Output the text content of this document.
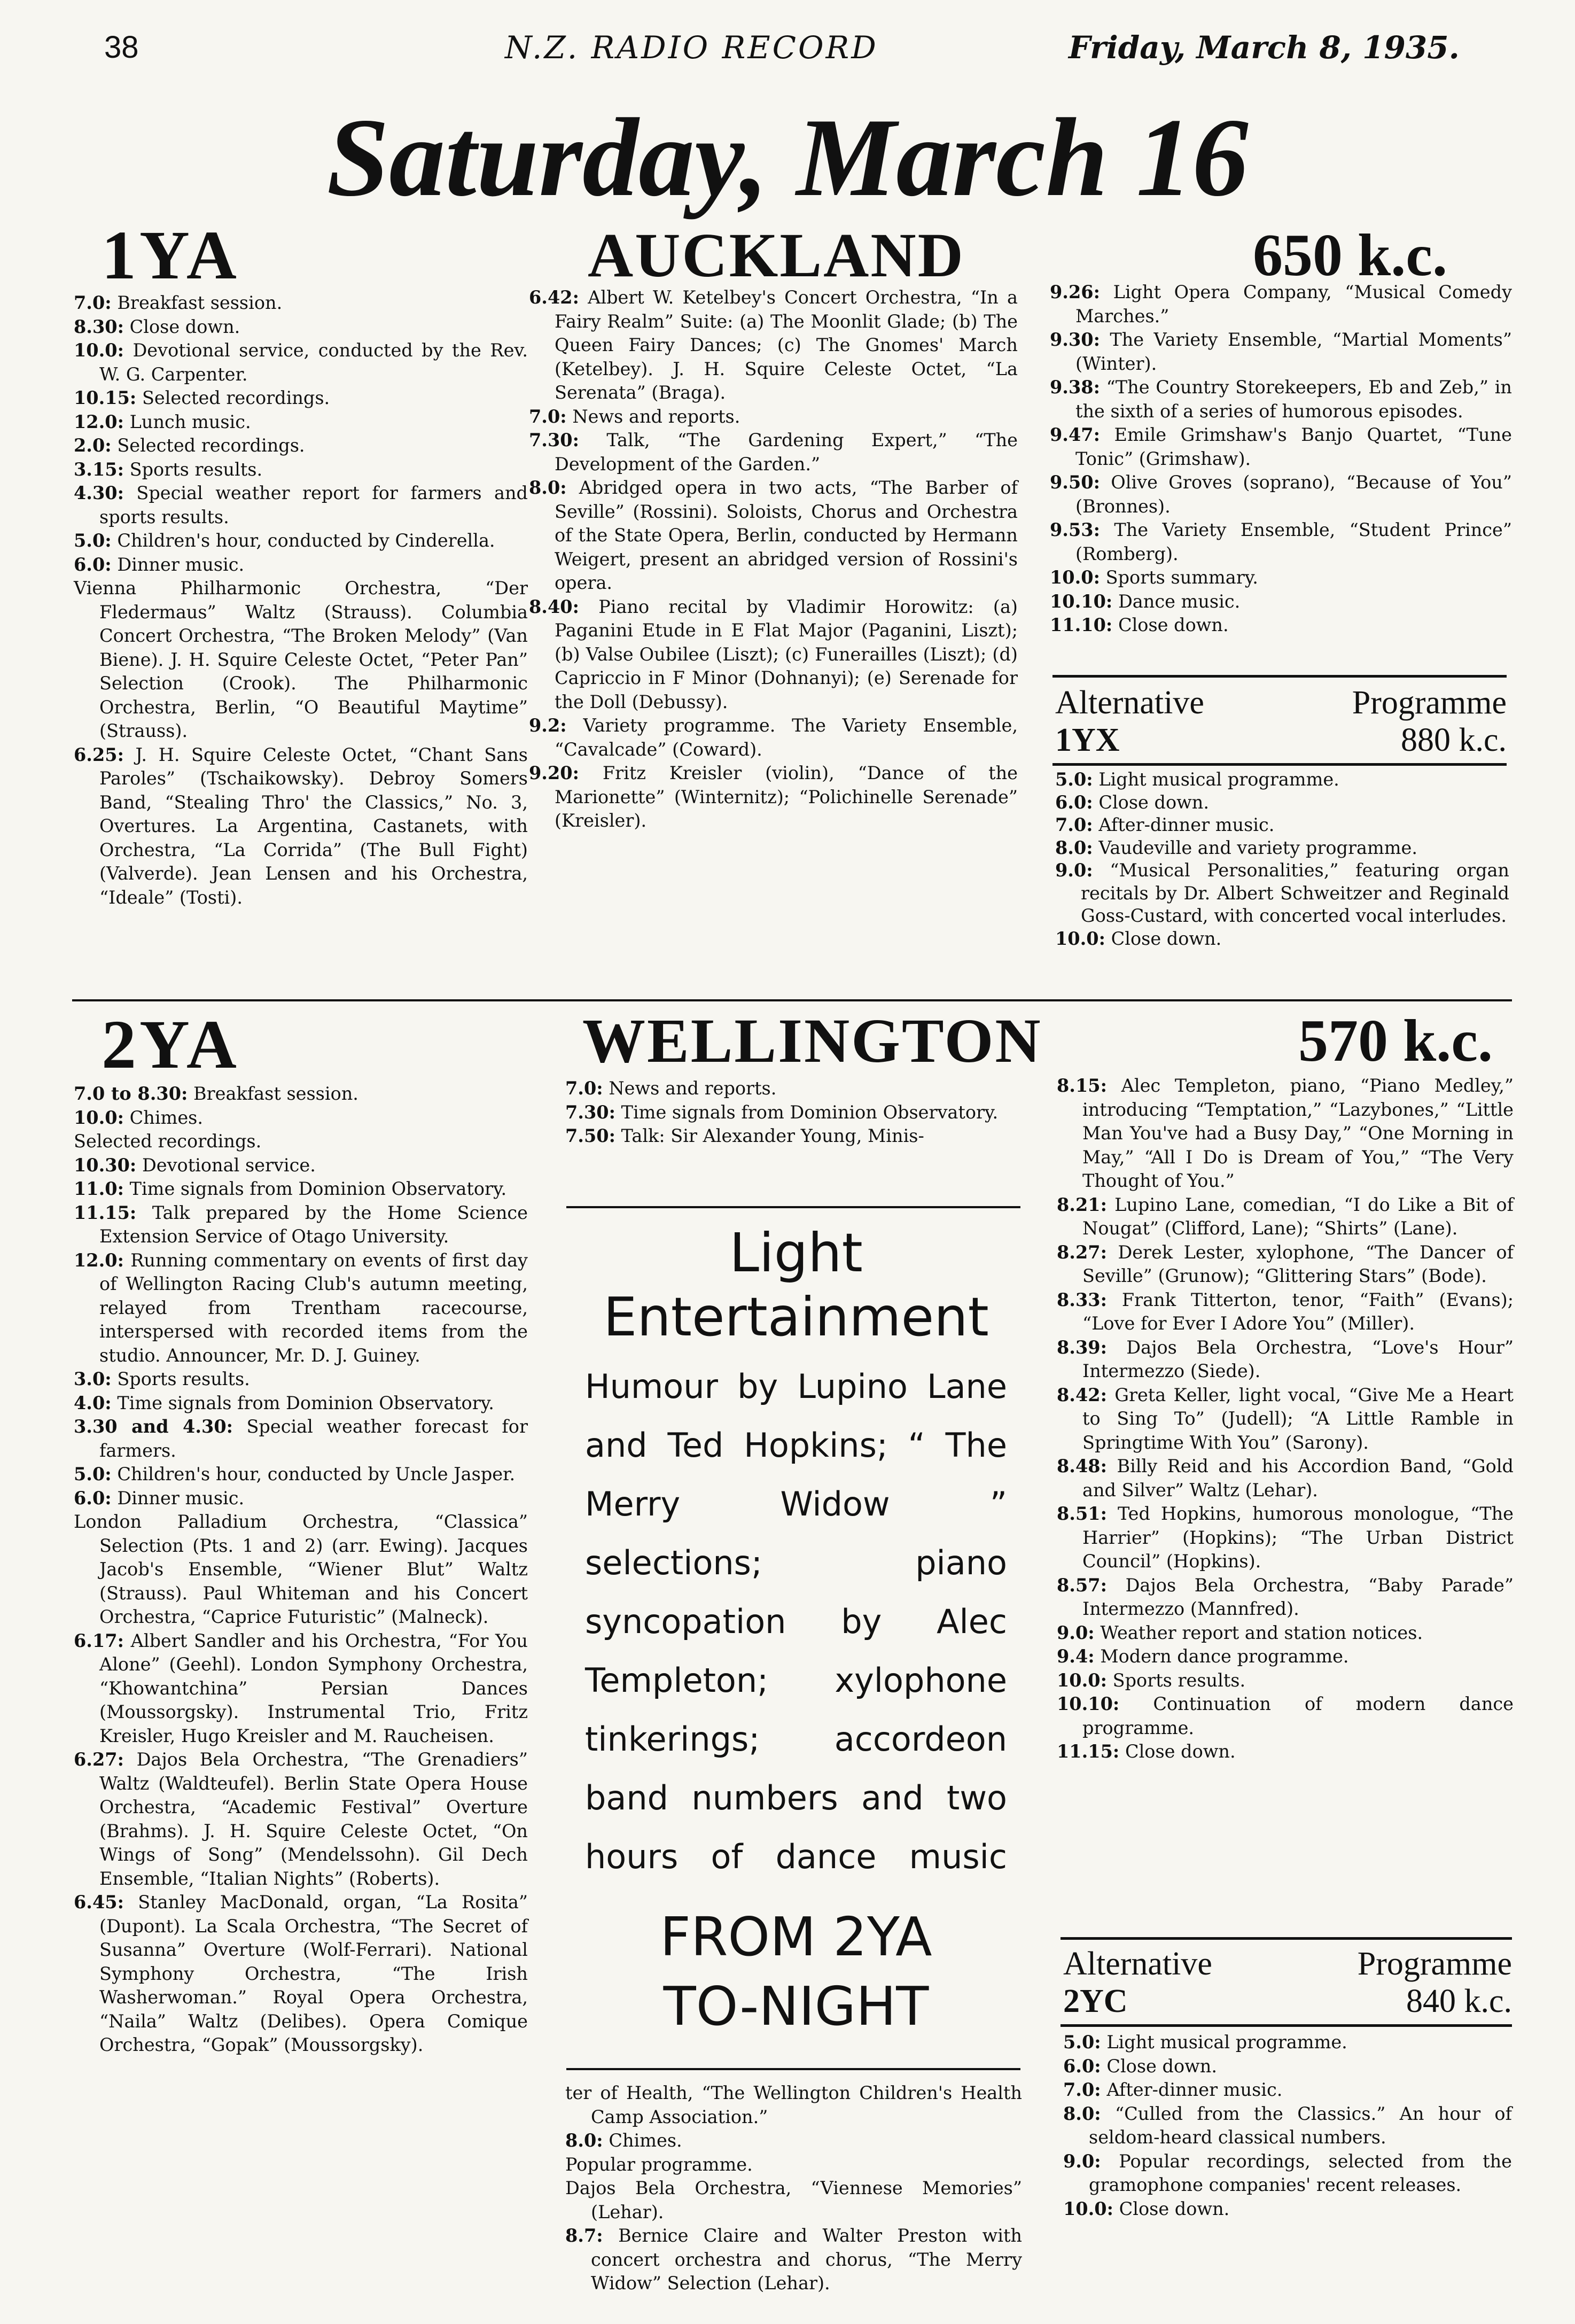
38	N.Z. RADIO RECORD	Friday, March 8, 1935.
Saturday, March 16
1YA	AUCKLAND	650 k.c.

7.0: Breakfast session.

8.30: Close down.

10.0: Devotional service, conducted by the Rev. W. G. Carpenter.

10.15: Selected recordings.

12.0: Lunch music.

2.0: Selected recordings.

3.15: Sports results.

4.30: Special weather report for farmers and sports results.

5.0: Children's hour, conducted by Cinderella.

6.0: Dinner music.

Vienna Philharmonic Orchestra, “Der Fledermaus” Waltz (Strauss). Columbia Concert Orchestra, “The Broken Melody” (Van Biene). J. H. Squire Celeste Octet, “Peter Pan” Selection (Crook). The Philharmonic Orchestra, Berlin, “O Beautiful Maytime” (Strauss).

6.25: J. H. Squire Celeste Octet, “Chant Sans Paroles” (Tschaikowsky). Debroy Somers Band, “Stealing Thro' the Classics,” No. 3, Overtures. La Argentina, Castanets, with Orchestra, “La Corrida” (The Bull Fight) (Valverde). Jean Lensen and his Orchestra, “Ideale” (Tosti).

6.42: Albert W. Ketelbey's Concert Orchestra, “In a Fairy Realm” Suite: (a) The Moonlit Glade; (b) The Queen Fairy Dances; (c) The Gnomes' March (Ketelbey). J. H. Squire Celeste Octet, “La Serenata” (Braga).

7.0: News and reports.

7.30: Talk, “The Gardening Expert,” “The Development of the Garden.”

8.0: Abridged opera in two acts, “The Barber of Seville” (Rossini). Soloists, Chorus and Orchestra of the State Opera, Berlin, conducted by Hermann Weigert, present an abridged version of Rossini's opera.

8.40: Piano recital by Vladimir Horowitz: (a) Paganini Etude in E Flat Major (Paganini, Liszt); (b) Valse Oubilee (Liszt); (c) Funerailles (Liszt); (d) Capriccio in F Minor (Dohnanyi); (e) Serenade for the Doll (Debussy).

9.2: Variety programme. The Variety Ensemble, “Cavalcade” (Coward).

9.20: Fritz Kreisler (violin), “Dance of the Marionette” (Winternitz); “Polichinelle Serenade” (Kreisler).

9.26: Light Opera Company, “Musical Comedy Marches.”

9.30: The Variety Ensemble, “Martial Moments” (Winter).

9.38: “The Country Storekeepers, Eb and Zeb,” in the sixth of a series of humorous episodes.

9.47: Emile Grimshaw's Banjo Quartet, “Tune Tonic” (Grimshaw).

9.50: Olive Groves (soprano), “Because of You” (Bronnes).

9.53: The Variety Ensemble, “Student Prince” (Romberg).

10.0: Sports summary.

10.10: Dance music.

11.10: Close down.

Alternative	Programme
1YX	880 k.c.

5.0: Light musical programme.

6.0: Close down.

7.0: After-dinner music.

8.0: Vaudeville and variety programme.

9.0: “Musical Personalities,” featuring organ recitals by Dr. Albert Schweitzer and Reginald Goss-Custard, with concerted vocal interludes.

10.0: Close down.

2YA	WELLINGTON	570 k.c.

7.0 to 8.30: Breakfast session.

10.0: Chimes.

Selected recordings.

10.30: Devotional service.

11.0: Time signals from Dominion Observatory.

11.15: Talk prepared by the Home Science Extension Service of Otago University.

12.0: Running commentary on events of first day of Wellington Racing Club's autumn meeting, relayed from Trentham racecourse, interspersed with recorded items from the studio. Announcer, Mr. D. J. Guiney.

3.0: Sports results.

4.0: Time signals from Dominion Observatory.

3.30 and 4.30: Special weather forecast for farmers.

5.0: Children's hour, conducted by Uncle Jasper.

6.0: Dinner music.

London Palladium Orchestra, “Classica” Selection (Pts. 1 and 2) (arr. Ewing). Jacques Jacob's Ensemble, “Wiener Blut” Waltz (Strauss). Paul Whiteman and his Concert Orchestra, “Caprice Futuristic” (Malneck).

6.17: Albert Sandler and his Orchestra, “For You Alone” (Geehl). London Symphony Orchestra, “Khowantchina” Persian Dances (Moussorgsky). Instrumental Trio, Fritz Kreisler, Hugo Kreisler and M. Raucheisen.

6.27: Dajos Bela Orchestra, “The Grenadiers” Waltz (Waldteufel). Berlin State Opera House Orchestra, “Academic Festival” Overture (Brahms). J. H. Squire Celeste Octet, “On Wings of Song” (Mendelssohn). Gil Dech Ensemble, “Italian Nights” (Roberts).

6.45: Stanley MacDonald, organ, “La Rosita” (Dupont). La Scala Orchestra, “The Secret of Susanna” Overture (Wolf-Ferrari). National Symphony Orchestra, “The Irish Washerwoman.” Royal Opera Orchestra, “Naila” Waltz (Delibes). Opera Comique Orchestra, “Gopak” (Moussorgsky).

7.0: News and reports.

7.30: Time signals from Dominion Observatory.

7.50: Talk: Sir Alexander Young, Minis-

Light
Entertainment
Humour by Lupino Lane and Ted Hopkins; “ The Merry Widow ” selections; piano syncopation by Alec Templeton; xylophone tinkerings; accordeon band numbers and two hours of dance music
FROM 2YA
TO-NIGHT

ter of Health, “The Wellington Children's Health Camp Association.”

8.0: Chimes.

Popular programme.

Dajos Bela Orchestra, “Viennese Memories” (Lehar).

8.7: Bernice Claire and Walter Preston with concert orchestra and chorus, “The Merry Widow” Selection (Lehar).

8.15: Alec Templeton, piano, “Piano Medley,” introducing “Temptation,” “Lazybones,” “Little Man You've had a Busy Day,” “One Morning in May,” “All I Do is Dream of You,” “The Very Thought of You.”

8.21: Lupino Lane, comedian, “I do Like a Bit of Nougat” (Clifford, Lane); “Shirts” (Lane).

8.27: Derek Lester, xylophone, “The Dancer of Seville” (Grunow); “Glittering Stars” (Bode).

8.33: Frank Titterton, tenor, “Faith” (Evans); “Love for Ever I Adore You” (Miller).

8.39: Dajos Bela Orchestra, “Love's Hour” Intermezzo (Siede).

8.42: Greta Keller, light vocal, “Give Me a Heart to Sing To” (Judell); “A Little Ramble in Springtime With You” (Sarony).

8.48: Billy Reid and his Accordion Band, “Gold and Silver” Waltz (Lehar).

8.51: Ted Hopkins, humorous monologue, “The Harrier” (Hopkins); “The Urban District Council” (Hopkins).

8.57: Dajos Bela Orchestra, “Baby Parade” Intermezzo (Mannfred).

9.0: Weather report and station notices.

9.4: Modern dance programme.

10.0: Sports results.

10.10: Continuation of modern dance programme.

11.15: Close down.

Alternative	Programme
2YC	840 k.c.

5.0: Light musical programme.

6.0: Close down.

7.0: After-dinner music.

8.0: “Culled from the Classics.” An hour of seldom-heard classical numbers.

9.0: Popular recordings, selected from the gramophone companies' recent releases.

10.0: Close down.
